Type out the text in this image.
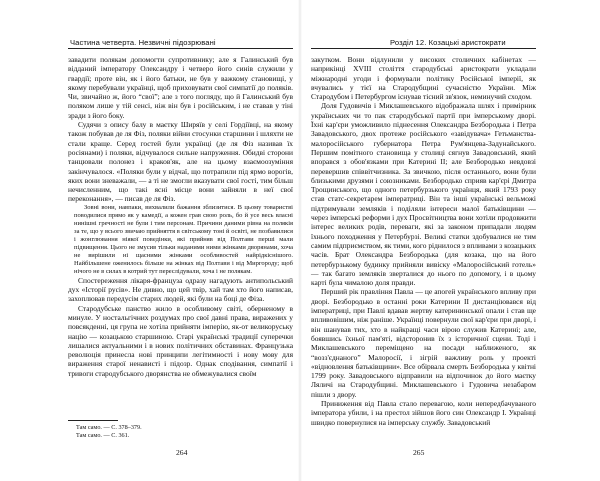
Частина четверта. Незвичні підозрювані

завадити полякам допомогти супротивнику; але я Галинський був відданий імператору Олександру і четверо його синів служили у гвардії; проте він, як і його батьки, не був у важкому становищі, у якому перебували українці, щоб приховувати свої симпатії до поляків. Чи, звичайно ж, його “свої”; але з того погляду, що й Галинський був поляком лише у тій сенсі, ніж він був і російським, і не ставав у тіні зради з його боку.

Судячи з опису балу в маєтку Ширяїв у селі Гордіївці, на якому також побував де ля Фіз, поляки війни стосунки старшини і шляхти не стали краще. Серед гостей були українці (де ля Фіз називав їх росіянами) і поляки, відчувалося сильне напруження. Обидві сторони танцювали полонез і краков'як, але на цьому взаємоозуміння закінчувалося. «Поляки були у відчаї, що потрапили під ярмо ворогів, яких вони зневажали, — а ті не змогли вказувати свої гості, тим більш нечисленним, що такі ясні місце вони зайняли в неї свої переконання», — писав де ля Фіз.

Зовні вони, навпаки, вихвалили бажання зблизитися. В цьому товаристві поводилися прямо як у камедії, а кожен грав свою роль, бо й усе весь власні нинішні гречності не були і тим персонам. Причини даними рівна на полякія за те, що у всього звичаю прийняття в світському тоні й освіті, не позбавилися і жонглювання ніякої поведінки, які прийняв від Полтави перші мали підвищення. Цього не змусив тільки наданими ними жінками дворянами, хоча не вирішили ні щасними жінками особливостей найрідкіснішого. Найбільшене оженилось більше на жінках від Полтави і від Миргороду; щоб нічого не в силах в котрий тут переслідували, хоча і не полякам.

Спостереження лікаря-француза одразу нагадують антипольський дух «Історії русів». Не дивно, що цей твір, хай там хто його написав, захоплював передусім старих людей, які були на боці де Фіза.

Стародубське панство жило в особливому світі, оберненому в минуле. У ностальгічних роздумах про свої давні права, виражених у повсякденні, ця група не хотіла прийняти імперію, як-от великоруську націю — козацькою старшиною. Старі українські традиції суперечки лишалися актуальними і в нових політичних обставинах. Французька революція принесла нові принципи легітимності і нову мову для вираження старої ненависті і підозр. Однак сподівання, симпатії і тривоги стародубського дворянства не обмежувалися своїм

Там само. — С. 378–379.
Там само. — С. 361.
264
Розділ 12. Козацькі аристократи

закутком. Вони відлунили у високих столичних кабінетах — наприкінці XVIII століття стародубські аристократи укладали міжнародні угоди і формували політику Російської імперії, як вчувались у тієї на Стародубщині сучасністю України. Між Стародубом і Петербургом існував тісний зв'язок, неминучий сходом.

Доля Гудовичів і Миклашевського відображала шлях і примірник українських чи то пак стародубської партії при імперському дворі. Їхні кар'єри уможливило піднесення Олександра Безбородька і Петра Завадовського, двох протеже російського «завідувача» Гетьманства-малоросійського губернатора Петра Рум'янцева-Задунайського. Першим помітного становища у столиці сягнув Завадовський, який впорався з обов'язками при Катерині II; але Безбородько невдовзі перевершив співвітчизника. За звичкою, після останнього, вони були близькими друзями і союзниками. Безбородько сприяв кар'єрі Дмитра Трощинського, що одного петербурзького українця, який 1793 року став статс-секретарем імператриці. Він та інші українські вельможі підтримували земляків і поділяли інтереси малої батьківщини — через імперські реформи і дух Просвітництва вони хотіли продовжити інтерес великих родів, переваги, які за законом припадали людям їхнього походження у Петербурзі. Великі статки здобувалися не тим самим підприємством, як тими, кого ріднилося з впливами з козацьких часів. Брат Олександра Безбородька (для козака, що на його петербурзькому будинку прийняли вивіску «Малоросійський готель» — так багато земляків зверталися до нього по допомогу, і в цьому карті була чималою доля правди.

Перший рік правління Павла — це апогей українського впливу при дворі. Безбородько в останні роки Катерини II дистанціювався від імператриці, при Павлі вдавав жертву катерининської опали і став ще впливовішим, ніж раніше. Українці повернули свої кар'єри при дворі, і він шанував тих, хто в найкращі часи вірою служив Катерині; але, боявшись їхньої пам'яті, відсторонив їх з історичної сцени. Тоді і Миклашевського переміщено на посади наближеного, як “возз'єднаного” Малоросії, і зігрій важливу роль у проекті «відновлення батьківщини». Все обірвала смерть Безбородька у квітні 1799 року. Завадовського відправили на відпочинок до його маєтку Ляличі на Стародубщині. Миклашевського і Гудовича незабаром пішли з двору.

Приниження від Павла стало перевагою, коли непередбачуваного імператора убили, і на престол зійшов його син Олександр I. Українці швидко повернулися на імперську службу. Завадовський

265
